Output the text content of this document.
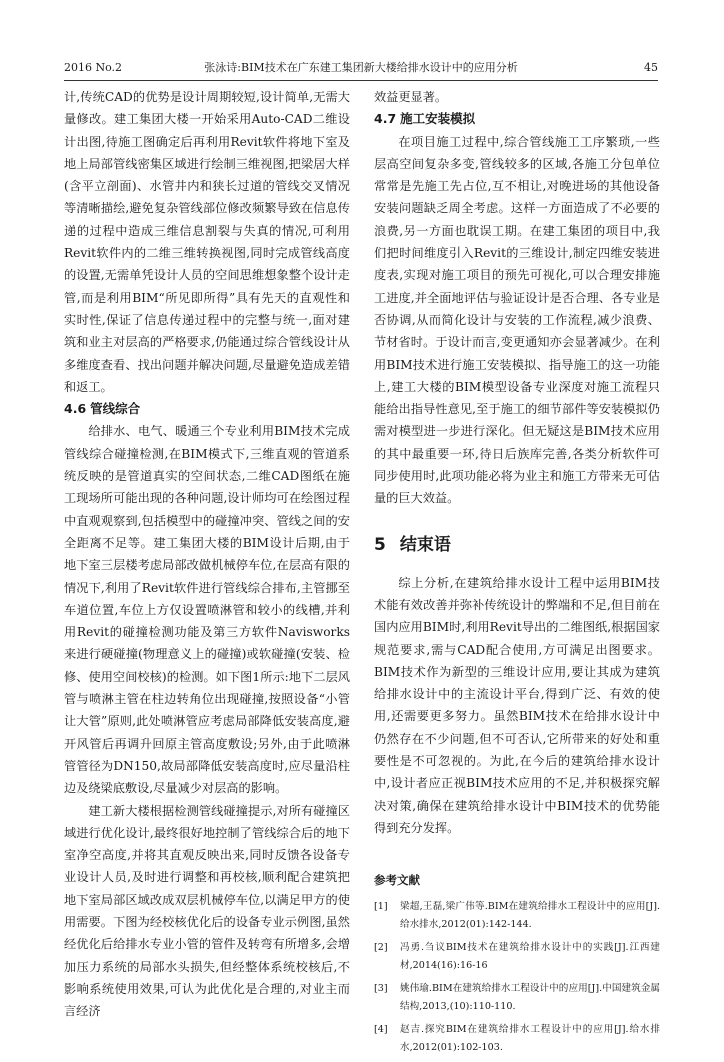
2016 No.2	张泳诗:BIM技术在广东建工集团新大楼给排水设计中的应用分析	45

计,传统CAD的优势是设计周期较短,设计简单,无需大量修改。建工集团大楼一开始采用Auto-CAD二维设计出图,待施工图确定后再利用Revit软件将地下室及地上局部管线密集区域进行绘制三维视图,把梁居大样(含平立剖面)、水管井内和狭长过道的管线交叉情况等清晰描绘,避免复杂管线部位修改频繁导致在信息传递的过程中造成三维信息割裂与失真的情况,可利用Revit软件内的二维三维转换视图,同时完成管线高度的设置,无需单凭设计人员的空间思维想象整个设计走管,而是利用BIM“所见即所得”具有先天的直观性和实时性,保证了信息传递过程中的完整与统一,面对建筑和业主对层高的严格要求,仍能通过综合管线设计从多维度查看、找出问题并解决问题,尽量避免造成差错和返工。

4.6 管线综合

给排水、电气、暖通三个专业利用BIM技术完成管线综合碰撞检测,在BIM模式下,三维直观的管道系统反映的是管道真实的空间状态,二维CAD图纸在施工现场所可能出现的各种问题,设计师均可在绘图过程中直观观察到,包括模型中的碰撞冲突、管线之间的安全距离不足等。建工集团大楼的BIM设计后期,由于地下室三层楼考虑局部改做机械停车位,在层高有限的情况下,利用了Revit软件进行管线综合排布,主管挪至车道位置,车位上方仅设置喷淋管和较小的线槽,并利用Revit的碰撞检测功能及第三方软件Navisworks来进行硬碰撞(物理意义上的碰撞)或软碰撞(安装、检修、使用空间校核)的检测。如下图1所示:地下二层风管与喷淋主管在柱边转角位出现碰撞,按照设备“小管让大管”原则,此处喷淋管应考虑局部降低安装高度,避开风管后再调升回原主管高度敷设;另外,由于此喷淋管管径为DN150,故局部降低安装高度时,应尽量沿柱边及绕梁底敷设,尽量减少对层高的影响。

建工新大楼根据检测管线碰撞提示,对所有碰撞区域进行优化设计,最终很好地控制了管线综合后的地下室净空高度,并将其直观反映出来,同时反馈各设备专业设计人员,及时进行调整和再校核,顺利配合建筑把地下室局部区域改成双层机械停车位,以满足甲方的使用需要。下图为经校核优化后的设备专业示例图,虽然经优化后给排水专业小管的管件及转弯有所增多,会增加压力系统的局部水头损失,但经整体系统校核后,不影响系统使用效果,可认为此优化是合理的,对业主而言经济

效益更显著。

4.7 施工安装模拟

在项目施工过程中,综合管线施工工序繁琐,一些层高空间复杂多变,管线较多的区域,各施工分包单位常常是先施工先占位,互不相让,对晚进场的其他设备安装问题缺乏周全考虑。这样一方面造成了不必要的浪费,另一方面也耽误工期。在建工集团的项目中,我们把时间维度引入Revit的三维设计,制定四维安装进度表,实现对施工项目的预先可视化,可以合理安排施工进度,并全面地评估与验证设计是否合理、各专业是否协调,从而简化设计与安装的工作流程,减少浪费、节材省时。于设计而言,变更通知亦会显著减少。在利用BIM技术进行施工安装模拟、指导施工的这一功能上,建工大楼的BIM模型设备专业深度对施工流程只能给出指导性意见,至于施工的细节部件等安装模拟仍需对模型进一步进行深化。但无疑这是BIM技术应用的其中最重要一环,待日后族库完善,各类分析软件可同步使用时,此项功能必将为业主和施工方带来无可估量的巨大效益。

5 结束语

综上分析,在建筑给排水设计工程中运用BIM技术能有效改善并弥补传统设计的弊端和不足,但目前在国内应用BIM时,利用Revit导出的二维图纸,根据国家规范要求,需与CAD配合使用,方可满足出图要求。BIM技术作为新型的三维设计应用,要让其成为建筑给排水设计中的主流设计平台,得到广泛、有效的使用,还需要更多努力。虽然BIM技术在给排水设计中仍然存在不少问题,但不可否认,它所带来的好处和重要性是不可忽视的。为此,在今后的建筑给排水设计中,设计者应正视BIM技术应用的不足,并积极探究解决对策,确保在建筑给排水设计中BIM技术的优势能得到充分发挥。

参考文献
[1] 梁超,王磊,梁广伟等.BIM在建筑给排水工程设计中的应用[J].给水排水,2012(01):142-144.
[2] 冯勇.刍议BIM技术在建筑给排水设计中的实践[J].江西建材,2014(16):16-16
[3] 姚伟瑜.BIM在建筑给排水工程设计中的应用[J].中国建筑金属结构,2013,(10):110-110.
[4] 赵吉.探究BIM在建筑给排水工程设计中的应用[J].给水排水,2012(01):102-103.
